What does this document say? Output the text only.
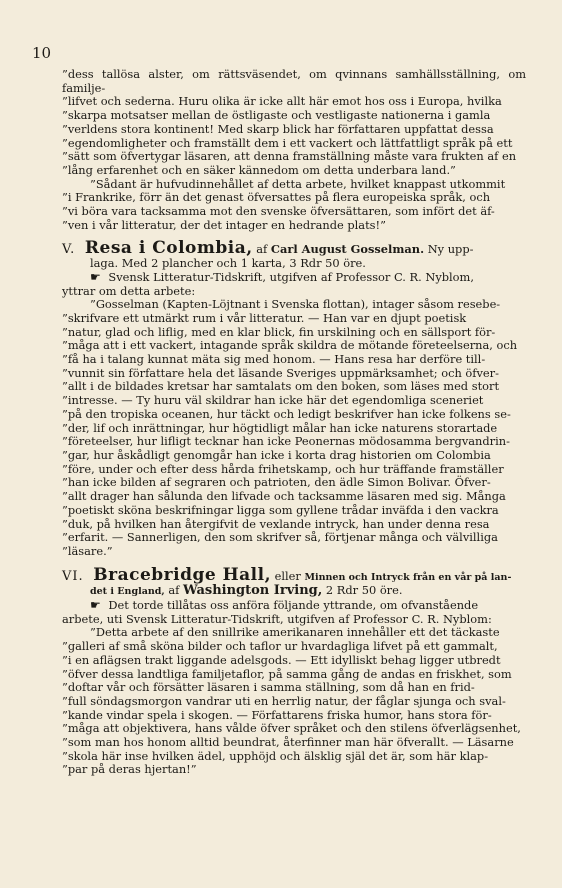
10

”dess tallösa alster, om rättsväsendet, om qvinnans samhällsställning, om familje-

”lifvet och sederna. Huru olika är icke allt här emot hos oss i Europa, hvilka

”skarpa motsatser mellan de östligaste och vestligaste nationerna i gamla

”verldens stora kontinent! Med skarp blick har författaren uppfattat dessa

”egendomligheter och framställt dem i ett vackert och lättfattligt språk på ett

”sätt som öfvertygar läsaren, att denna framställning måste vara frukten af en

”lång erfarenhet och en säker kännedom om detta underbara land.”

”Sådant är hufvudinnehållet af detta arbete, hvilket knappast utkommit

”i Frankrike, förr än det genast öfversattes på flera europeiska språk, och

”vi böra vara tacksamma mot den svenske öfversättaren, som infört det äf-

”ven i vår litteratur, der det intager en hedrande plats!”

V. Resa i Colombia, af Carl August Gosselman. Ny upp-

laga. Med 2 plancher och 1 karta, 3 Rdr 50 öre.

☛ Svensk Litteratur-Tidskrift, utgifven af Professor C. R. Nyblom,

yttrar om detta arbete:

”Gosselman (Kapten-Löjtnant i Svenska flottan), intager såsom resebe-

”skrifvare ett utmärkt rum i vår litteratur. — Han var en djupt poetisk

”natur, glad och liflig, med en klar blick, fin urskilning och en sällsport för-

”måga att i ett vackert, intagande språk skildra de mötande företeelserna, och

”få ha i talang kunnat mäta sig med honom. — Hans resa har derföre till-

”vunnit sin författare hela det läsande Sveriges uppmärksamhet; och öfver-

”allt i de bildades kretsar har samtalats om den boken, som läses med stort

”intresse. — Ty huru väl skildrar han icke här det egendomliga sceneriet

”på den tropiska oceanen, hur täckt och ledigt beskrifver han icke folkens se-

”der, lif och inrättningar, hur högtidligt målar han icke naturens storartade

”företeelser, hur lifligt tecknar han icke Peonernas mödosamma bergvandrin-

”gar, hur åskådligt genomgår han icke i korta drag historien om Colombia

”före, under och efter dess hårda frihetskamp, och hur träffande framställer

”han icke bilden af segraren och patrioten, den ädle Simon Bolivar. Öfver-

”allt drager han sålunda den lifvade och tacksamme läsaren med sig. Många

”poetiskt sköna beskrifningar ligga som gyllene trådar inväfda i den vackra

”duk, på hvilken han återgifvit de vexlande intryck, han under denna resa

”erfarit. — Sannerligen, den som skrifver så, förtjenar många och välvilliga

”läsare.”

VI. Bracebridge Hall, eller Minnen och Intryck från en vår på lan-

det i England, af Washington Irving, 2 Rdr 50 öre.

☛ Det torde tillåtas oss anföra följande yttrande, om ofvanstående

arbete, uti Svensk Litteratur-Tidskrift, utgifven af Professor C. R. Nyblom:

”Detta arbete af den snillrike amerikanaren innehåller ett det täckaste

”galleri af små sköna bilder och taflor ur hvardagliga lifvet på ett gammalt,

”i en aflägsen trakt liggande adelsgods. — Ett idylliskt behag ligger utbredt

”öfver dessa landtliga familjetaflor, på samma gång de andas en friskhet, som

”doftar vår och försätter läsaren i samma ställning, som då han en frid-

”full söndagsmorgon vandrar uti en herrlig natur, der fåglar sjunga och sval-

”kande vindar spela i skogen. — Författarens friska humor, hans stora för-

”måga att objektivera, hans vålde öfver språket och den stilens öfverlägsenhet,

”som man hos honom alltid beundrat, återfinner man här öfverallt. — Läsarne

”skola här inse hvilken ädel, upphöjd och älsklig själ det är, som här klap-

”par på deras hjertan!”
